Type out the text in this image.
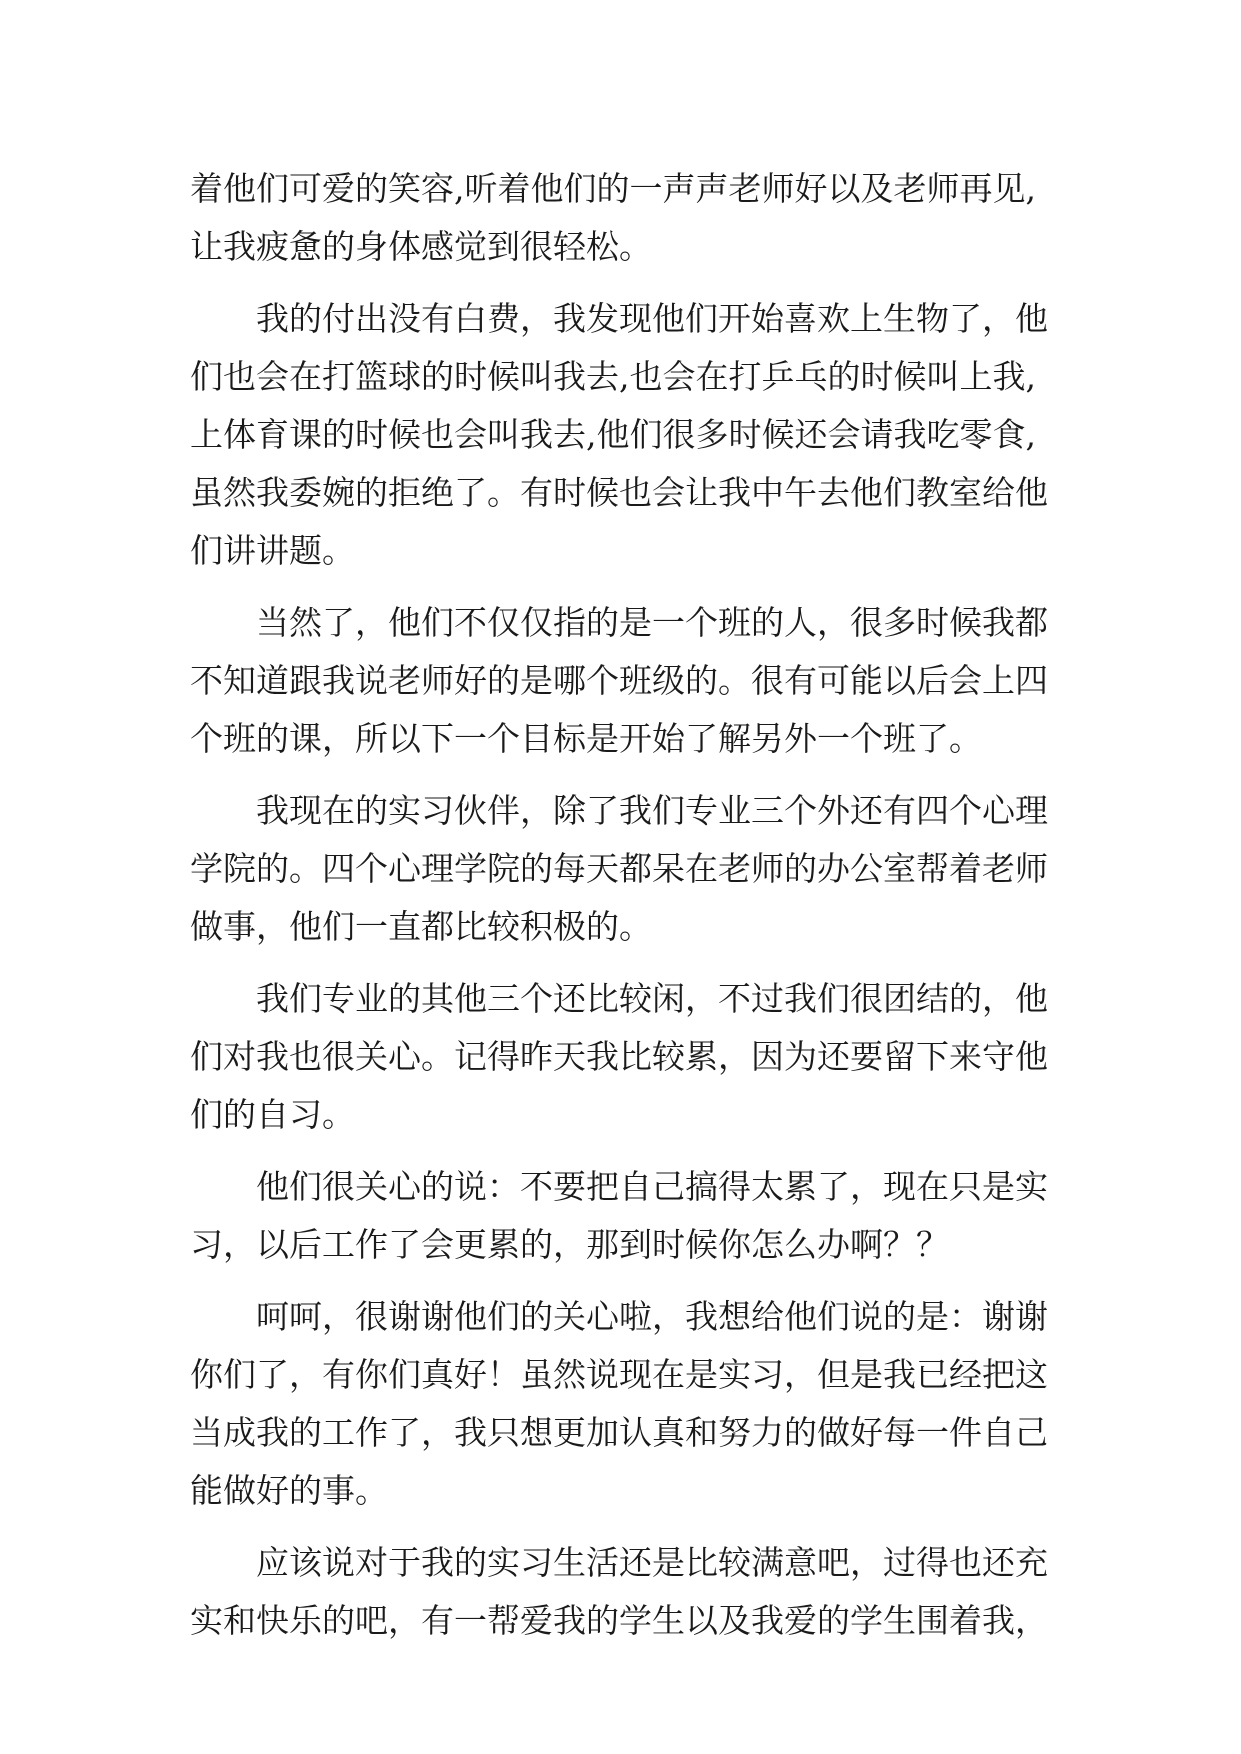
着他们可爱的笑容,听着他们的一声声老师好以及老师再见,
让我疲惫的身体感觉到很轻松。
　　我的付出没有白费，我发现他们开始喜欢上生物了，他
们也会在打篮球的时候叫我去,也会在打乒乓的时候叫上我,
上体育课的时候也会叫我去,他们很多时候还会请我吃零食,
虽然我委婉的拒绝了。有时候也会让我中午去他们教室给他
们讲讲题。
　　当然了，他们不仅仅指的是一个班的人，很多时候我都
不知道跟我说老师好的是哪个班级的。很有可能以后会上四
个班的课，所以下一个目标是开始了解另外一个班了。
　　我现在的实习伙伴，除了我们专业三个外还有四个心理
学院的。四个心理学院的每天都呆在老师的办公室帮着老师
做事，他们一直都比较积极的。
　　我们专业的其他三个还比较闲，不过我们很团结的，他
们对我也很关心。记得昨天我比较累，因为还要留下来守他
们的自习。
　　他们很关心的说：不要把自己搞得太累了，现在只是实
习，以后工作了会更累的，那到时候你怎么办啊？？
　　呵呵，很谢谢他们的关心啦，我想给他们说的是：谢谢
你们了，有你们真好！虽然说现在是实习，但是我已经把这
当成我的工作了，我只想更加认真和努力的做好每一件自己
能做好的事。
　　应该说对于我的实习生活还是比较满意吧，过得也还充
实和快乐的吧，有一帮爱我的学生以及我爱的学生围着我，
